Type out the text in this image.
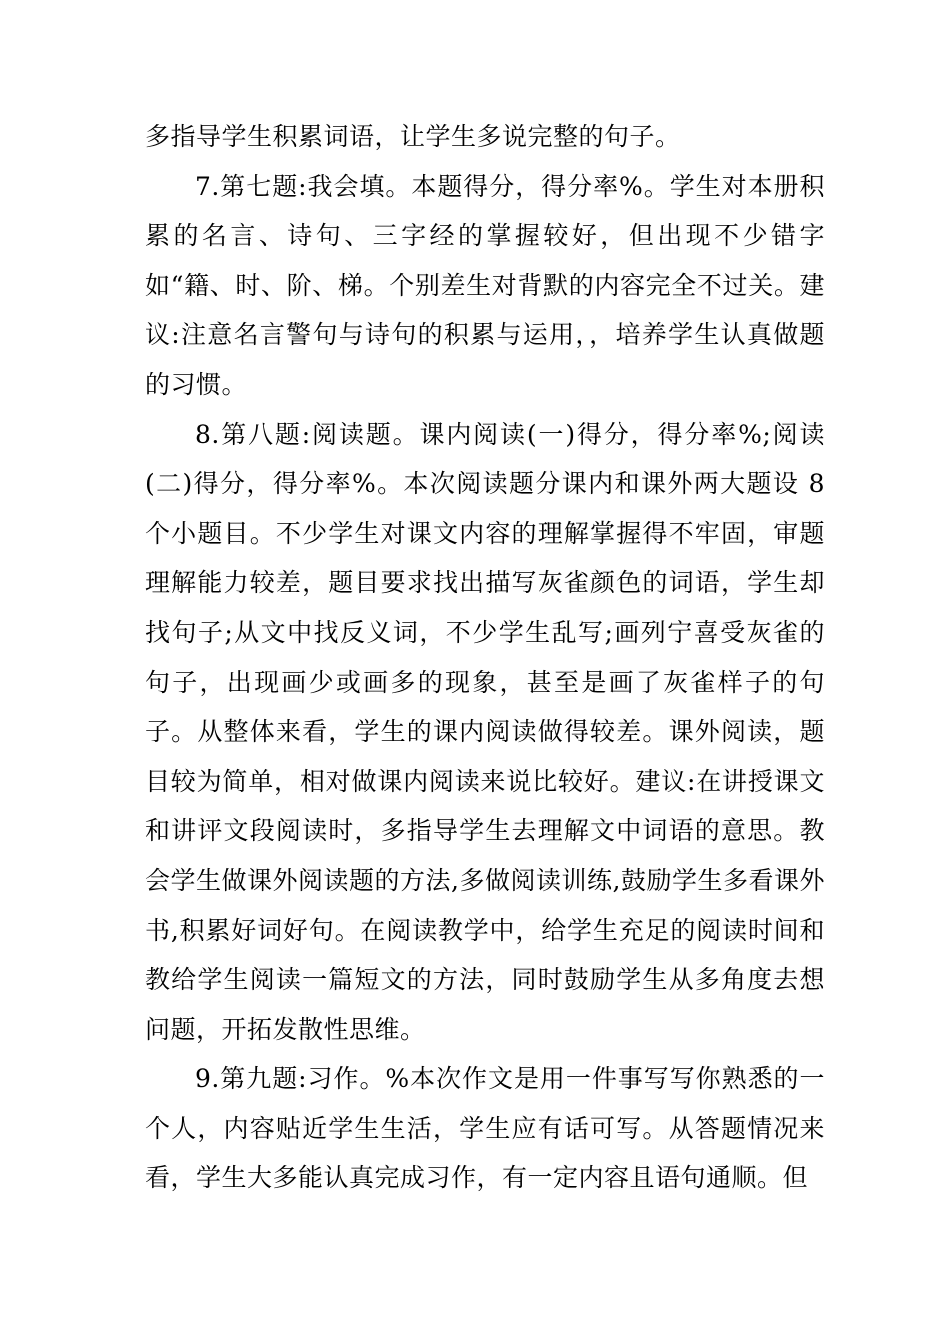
多指导学生积累词语，让学生多说完整的句子。

7.第七题:我会填。本题得分，得分率%。学生对本册积累的名言、诗句、三字经的掌握较好，但出现不少错字如“籍、时、阶、梯。个别差生对背默的内容完全不过关。建议:注意名言警句与诗句的积累与运用，，培养学生认真做题的习惯。

8.第八题:阅读题。课内阅读(一)得分，得分率%;阅读(二)得分，得分率%。本次阅读题分课内和课外两大题设 8 个小题目。不少学生对课文内容的理解掌握得不牢固，审题理解能力较差，题目要求找出描写灰雀颜色的词语，学生却找句子;从文中找反义词，不少学生乱写;画列宁喜受灰雀的句子，出现画少或画多的现象，甚至是画了灰雀样子的句子。从整体来看，学生的课内阅读做得较差。课外阅读，题目较为简单，相对做课内阅读来说比较好。建议:在讲授课文和讲评文段阅读时，多指导学生去理解文中词语的意思。教会学生做课外阅读题的方法,多做阅读训练,鼓励学生多看课外书,积累好词好句。在阅读教学中，给学生充足的阅读时间和教给学生阅读一篇短文的方法，同时鼓励学生从多角度去想问题，开拓发散性思维。

9.第九题:习作。%本次作文是用一件事写写你熟悉的一个人，内容贴近学生生活，学生应有话可写。从答题情况来看，学生大多能认真完成习作，有一定内容且语句通顺。但
